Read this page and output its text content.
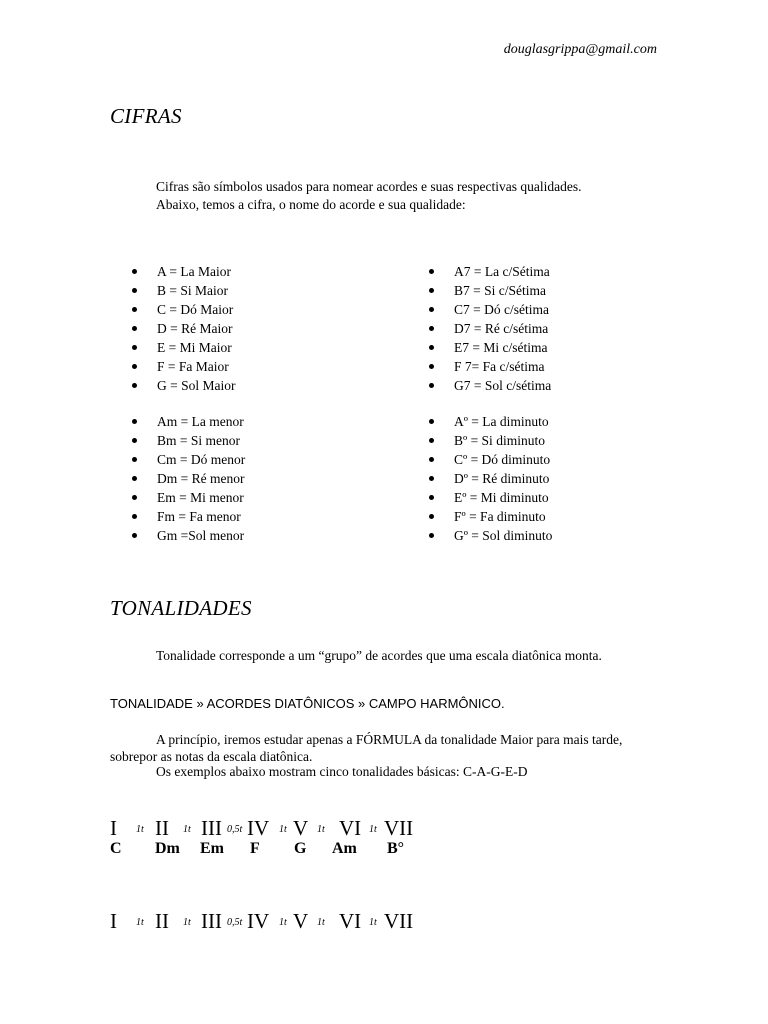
douglasgrippa@gmail.com
CIFRAS
Cifras são símbolos usados para nomear acordes e suas respectivas qualidades.
Abaixo, temos a cifra, o nome do acorde e sua qualidade:
A = La Maior
B = Si Maior
C = Dó Maior
D = Ré Maior
E = Mi Maior
F = Fa Maior
G = Sol Maior
A7 = La c/Sétima
B7 = Si c/Sétima
C7 = Dó c/sétima
D7 = Ré c/sétima
E7 = Mi c/sétima
F 7= Fa c/sétima
G7 = Sol c/sétima
Am = La menor
Bm = Si menor
Cm = Dó menor
Dm = Ré menor
Em = Mi menor
Fm = Fa menor
Gm =Sol menor
Aº = La diminuto
Bº = Si diminuto
Cº = Dó diminuto
Dº = Ré diminuto
Eº = Mi diminuto
Fº = Fa diminuto
Gº = Sol diminuto
TONALIDADES
Tonalidade corresponde a um “grupo” de acordes que uma escala diatônica monta.
TONALIDADE » ACORDES DIATÔNICOS » CAMPO HARMÔNICO.
A princípio, iremos estudar apenas a FÓRMULA da tonalidade Maior para mais tarde, sobrepor as notas da escala diatônica.
Os exemplos abaixo mostram cinco tonalidades básicas: C-A-G-E-D
I 1t II 1t III 0,5t IV 1t V 1t VI 1t VII
C Dm Em F G Am B°
I 1t II 1t III 0,5t IV 1t V 1t VI 1t VII
